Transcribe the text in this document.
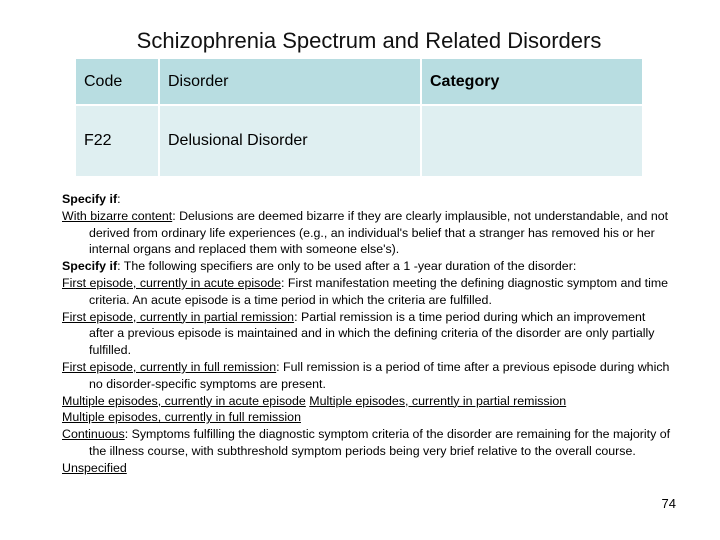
Schizophrenia Spectrum and Related Disorders
Code	Disorder	Category
F22	Delusional Disorder	

Specify if:

With bizarre content: Delusions are deemed bizarre if they are clearly implausible, not understandable, and not derived from ordinary life experiences (e.g., an individual's belief that a stranger has removed his or her internal organs and replaced them with someone else's).

Specify if: The following specifiers are only to be used after a 1 -year duration of the disorder:

First episode, currently in acute episode: First manifestation meeting the defining diagnostic symptom and time criteria. An acute episode is a time period in which the criteria are fulfilled.

First episode, currently in partial remission: Partial remission is a time period during which an improvement after a previous episode is maintained and in which the defining criteria of the disorder are only partially fulfilled.

First episode, currently in full remission: Full remission is a period of time after a previous episode during which no disorder-specific symptoms are present.

Multiple episodes, currently in acute episode Multiple episodes, currently in partial remission

Multiple episodes, currently in full remission

Continuous: Symptoms fulfilling the diagnostic symptom criteria of the disorder are remaining for the majority of the illness course, with subthreshold symptom periods being very brief relative to the overall course.

Unspecified

74
